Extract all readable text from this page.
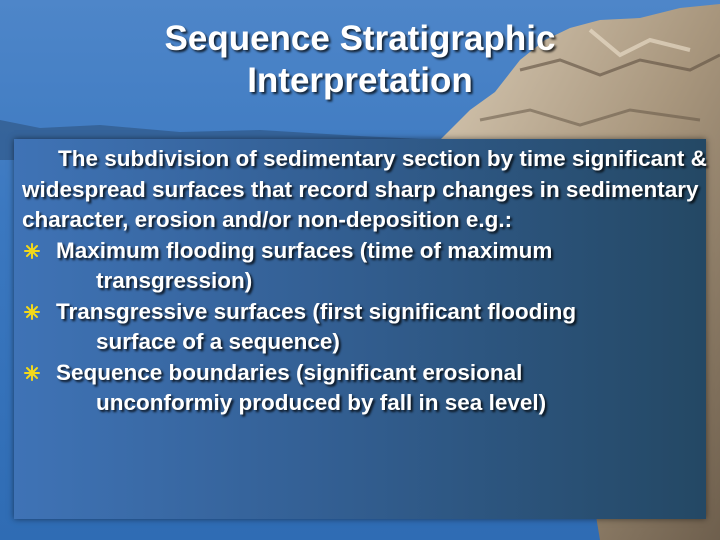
Sequence Stratigraphic
Interpretation

The subdivision of sedimentary section by time significant & widespread surfaces that record sharp changes in sedimentary character, erosion and/or non-deposition e.g.:

Maximum flooding surfaces (time of maximum
transgression)
Transgressive surfaces (first significant flooding
surface of a sequence)
Sequence boundaries (significant erosional
unconformiy produced by fall in sea level)
